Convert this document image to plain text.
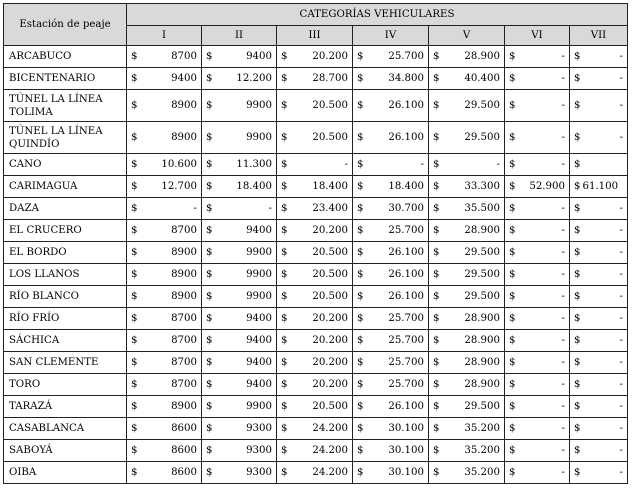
Estación de peaje	CATEGORÍAS VEHICULARES						
	I	II	III	IV	V	VI	VII
ARCABUCO	$ 8700	$ 9400	$ 20.200	$ 25.700	$ 28.900	$ -	$ -

BICENTENARIO	$ 9400	$ 12.200	$ 28.700	$ 34.800	$ 40.400	$ -	$ -

TÚNEL LA LÍNEA TOLIMA	$ 8900	$ 9900	$ 20.500	$ 26.100	$ 29.500	$ -	$ -

TÚNEL LA LÍNEA QUINDÍO	$ 8900	$ 9900	$ 20.500	$ 26.100	$ 29.500	$ -	$ -

CANO	$ 10.600	$ 11.300	$ -	$ -	$ -	$ -	$

CARIMAGUA	$ 12.700	$ 18.400	$ 18.400	$ 18.400	$ 33.300	$ 52.900	$ 61.100

DAZA	$ -	$ -	$ 23.400	$ 30.700	$ 35.500	$ -	$ -

EL CRUCERO	$ 8700	$ 9400	$ 20.200	$ 25.700	$ 28.900	$ -	$ -

EL BORDO	$ 8900	$ 9900	$ 20.500	$ 26.100	$ 29.500	$ -	$ -

LOS LLANOS	$ 8900	$ 9900	$ 20.500	$ 26.100	$ 29.500	$ -	$ -

RÍO BLANCO	$ 8900	$ 9900	$ 20.500	$ 26.100	$ 29.500	$ -	$ -

RÍO FRÍO	$ 8700	$ 9400	$ 20.200	$ 25.700	$ 28.900	$ -	$ -

SÁCHICA	$ 8700	$ 9400	$ 20.200	$ 25.700	$ 28.900	$ -	$ -

SAN CLEMENTE	$ 8700	$ 9400	$ 20.200	$ 25.700	$ 28.900	$ -	$ -

TORO	$ 8700	$ 9400	$ 20.200	$ 25.700	$ 28.900	$ -	$ -

TARAZÁ	$ 8900	$ 9900	$ 20.500	$ 26.100	$ 29.500	$ -	$ -

CASABLANCA	$ 8600	$ 9300	$ 24.200	$ 30.100	$ 35.200	$ -	$ -

SABOYÁ	$ 8600	$ 9300	$ 24.200	$ 30.100	$ 35.200	$ -	$ -

OIBA	$ 8600	$ 9300	$ 24.200	$ 30.100	$ 35.200	$ -	$ -
